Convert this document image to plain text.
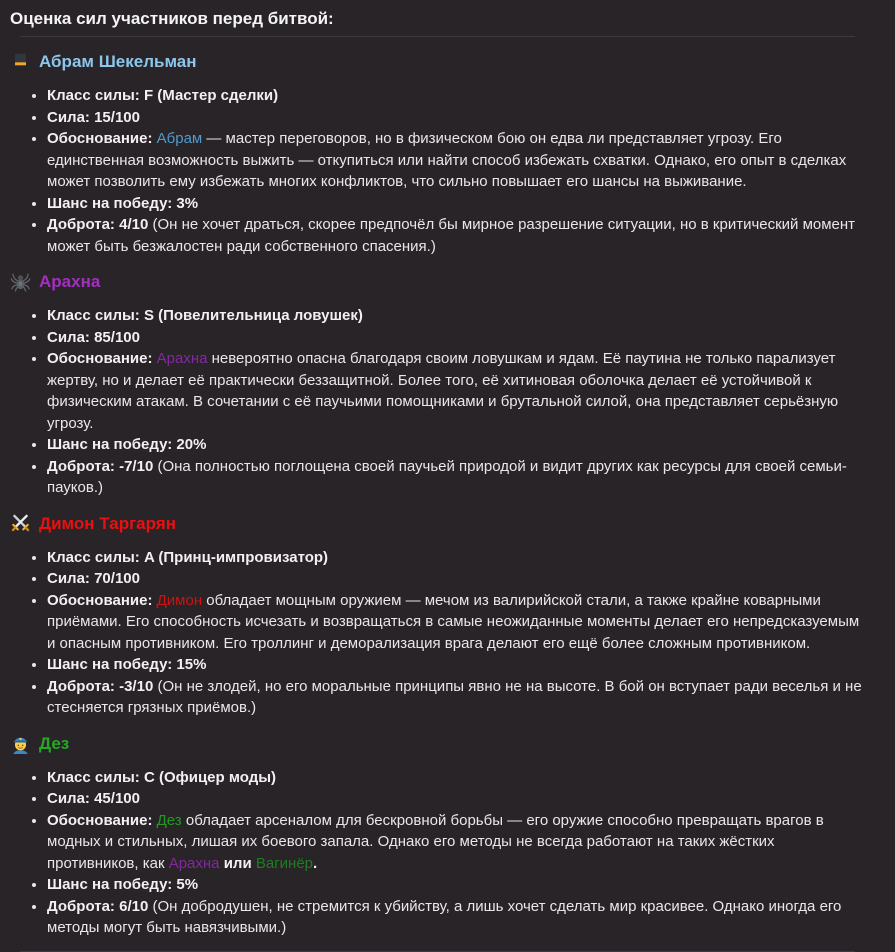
Оценка сил участников перед битвой:
Абрам Шекельман
• Класс силы: F (Мастер сделки)
• Сила: 15/100
• Обоснование: Абрам — мастер переговоров, но в физическом бою он едва ли представляет угрозу. Его единственная возможность выжить — откупиться или найти способ избежать схватки. Однако, его опыт в сделках может позволить ему избежать многих конфликтов, что сильно повышает его шансы на выживание.
• Шанс на победу: 3%
• Доброта: 4/10 (Он не хочет драться, скорее предпочёл бы мирное разрешение ситуации, но в критический момент может быть безжалостен ради собственного спасения.)
Арахна
• Класс силы: S (Повелительница ловушек)
• Сила: 85/100
• Обоснование: Арахна невероятно опасна благодаря своим ловушкам и ядам. Её паутина не только парализует жертву, но и делает её практически беззащитной. Более того, её хитиновая оболочка делает её устойчивой к физическим атакам. В сочетании с её паучьими помощниками и брутальной силой, она представляет серьёзную угрозу.
• Шанс на победу: 20%
• Доброта: -7/10 (Она полностью поглощена своей паучьей природой и видит других как ресурсы для своей семьи-пауков.)
Димон Таргарян
• Класс силы: A (Принц-импровизатор)
• Сила: 70/100
• Обоснование: Димон обладает мощным оружием — мечом из валирийской стали, а также крайне коварными приёмами. Его способность исчезать и возвращаться в самые неожиданные моменты делает его непредсказуемым и опасным противником. Его троллинг и деморализация врага делают его ещё более сложным противником.
• Шанс на победу: 15%
• Доброта: -3/10 (Он не злодей, но его моральные принципы явно не на высоте. В бой он вступает ради веселья и не стесняется грязных приёмов.)
Дез
• Класс силы: C (Офицер моды)
• Сила: 45/100
• Обоснование: Дез обладает арсеналом для бескровной борьбы — его оружие способно превращать врагов в модных и стильных, лишая их боевого запала. Однако его методы не всегда работают на таких жёстких противников, как Арахна или Вагинёр.
• Шанс на победу: 5%
• Доброта: 6/10 (Он добродушен, не стремится к убийству, а лишь хочет сделать мир красивее. Однако иногда его методы могут быть навязчивыми.)
